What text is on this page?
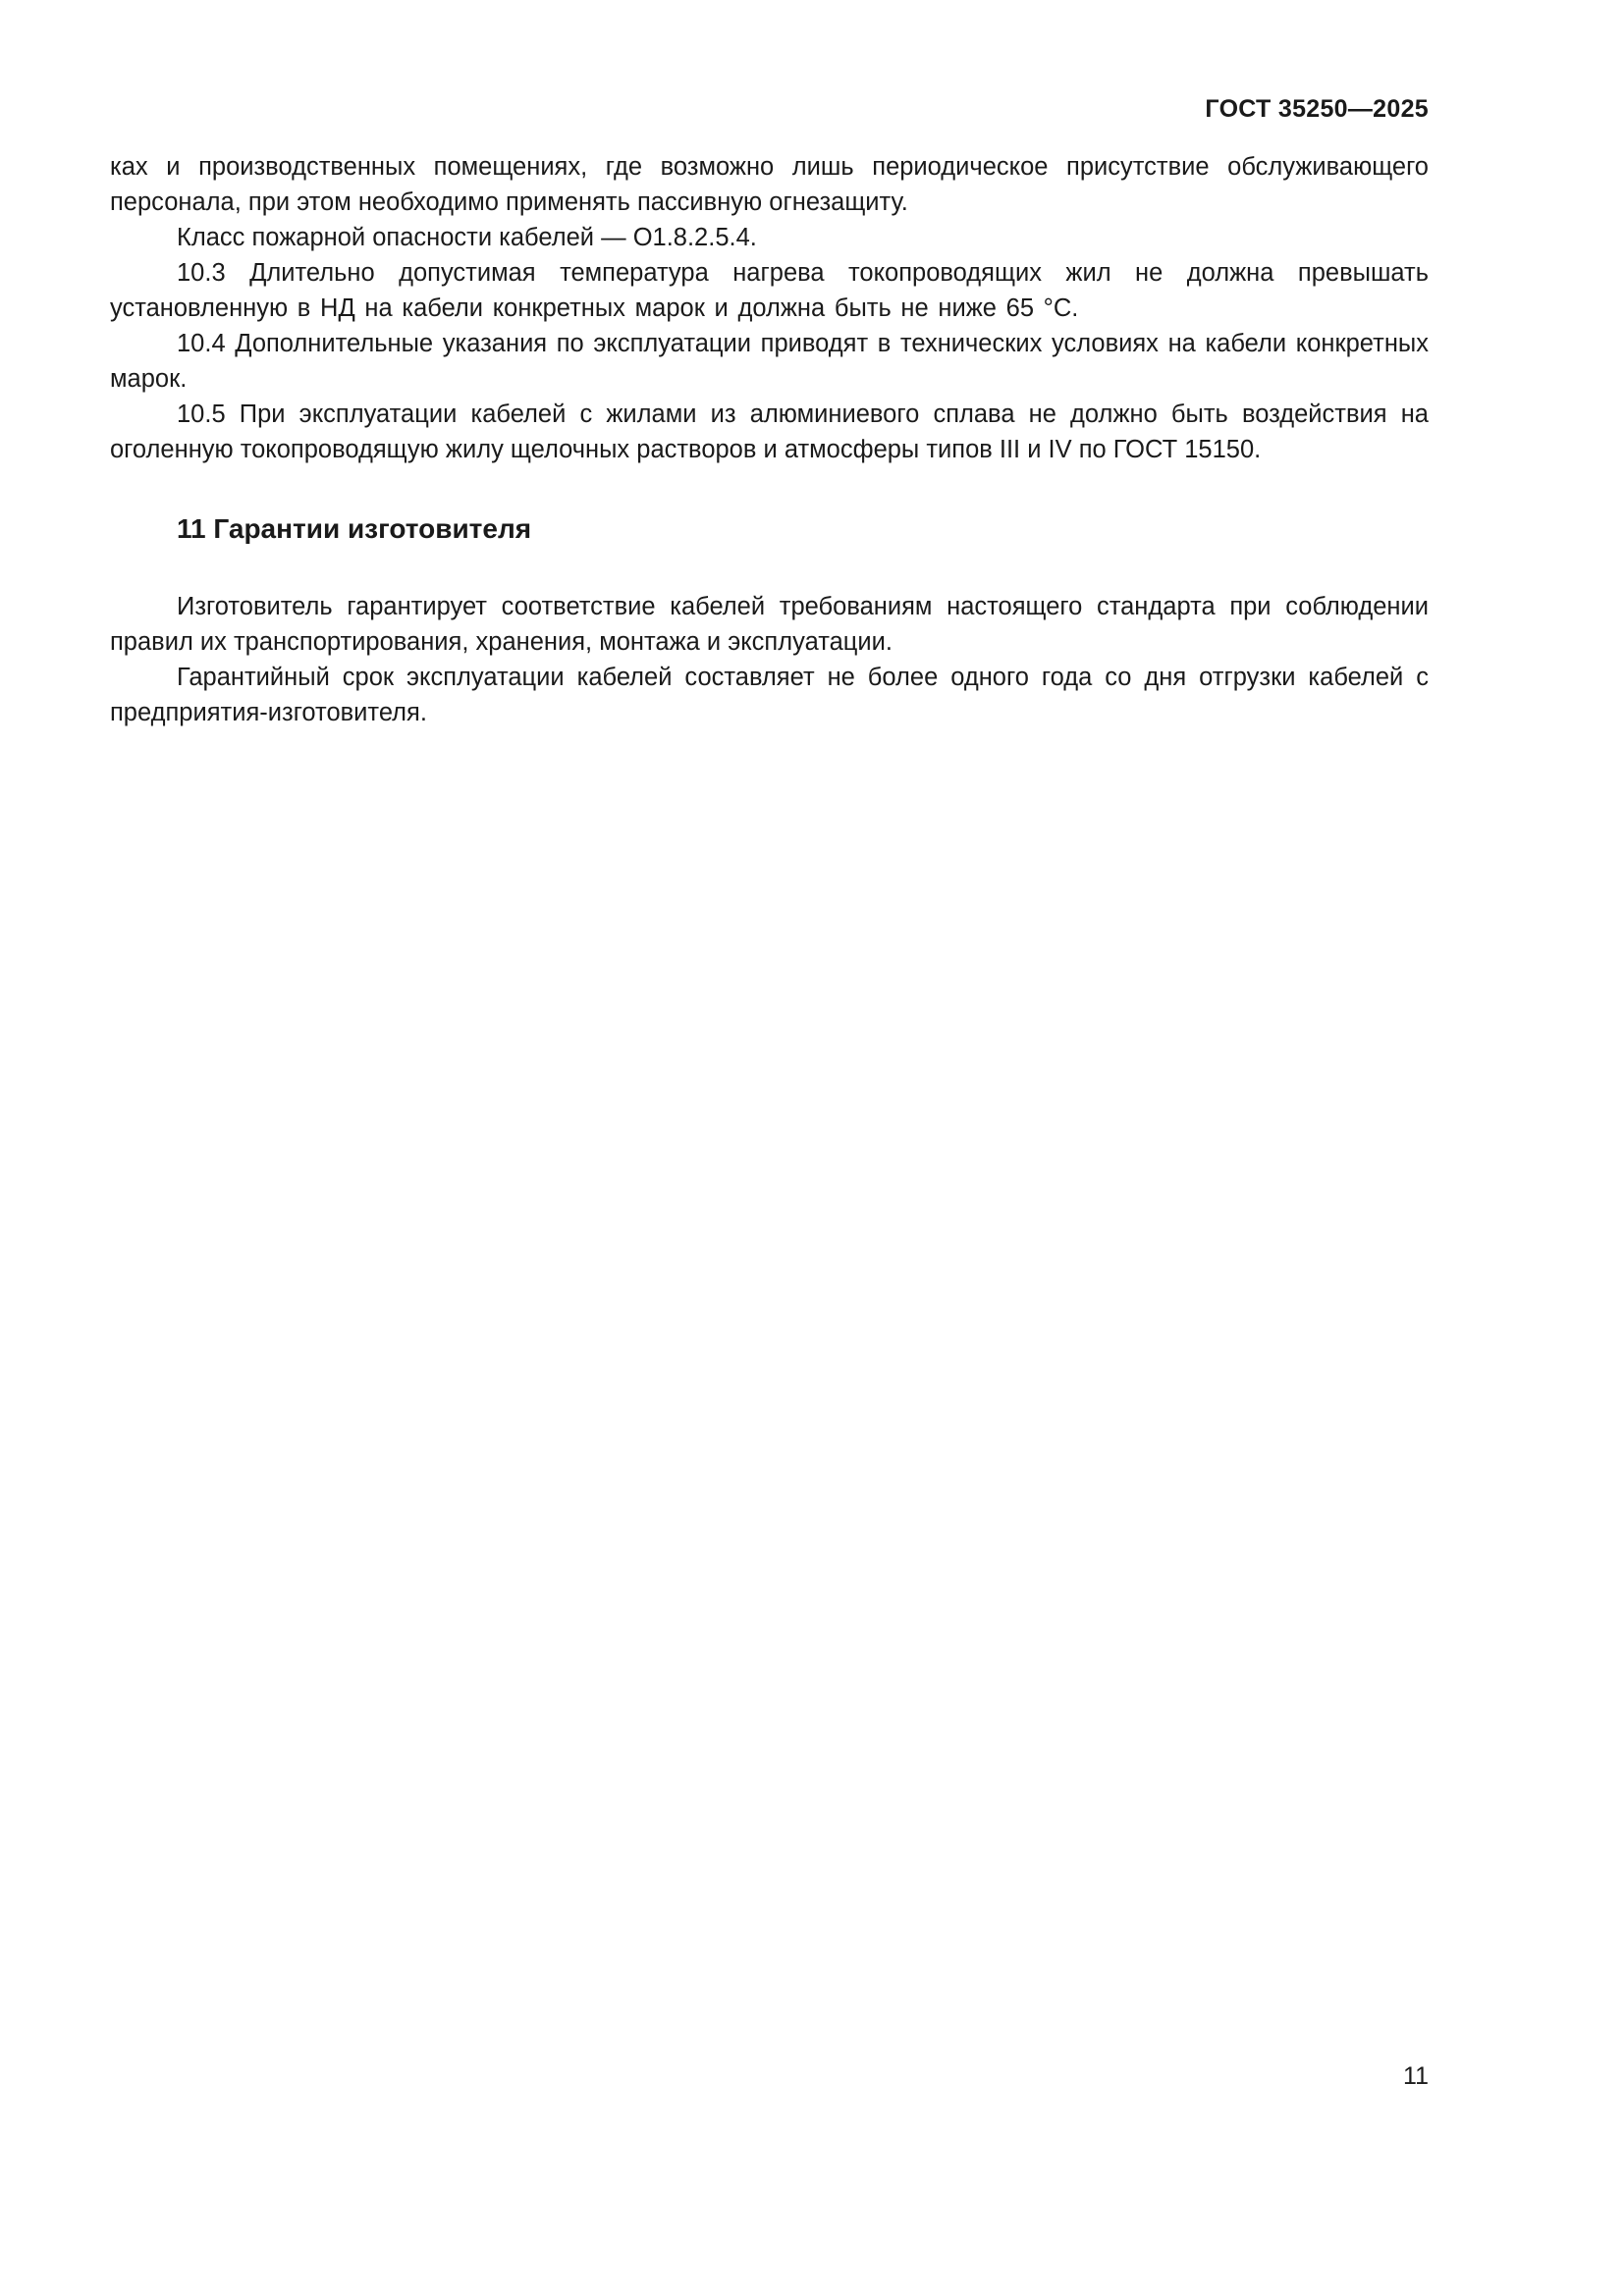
ГОСТ 35250—2025

ках и производственных помещениях, где возможно лишь периодическое присутствие обслуживающего персонала, при этом необходимо применять пассивную огнезащиту.

Класс пожарной опасности кабелей — О1.8.2.5.4.

10.3 Длительно допустимая температура нагрева токопроводящих жил не должна превышать установленную в НД на кабели конкретных марок и должна быть не ниже 65 °C.

10.4 Дополнительные указания по эксплуатации приводят в технических условиях на кабели конкретных марок.

10.5 При эксплуатации кабелей с жилами из алюминиевого сплава не должно быть воздействия на оголенную токопроводящую жилу щелочных растворов и атмосферы типов III и IV по ГОСТ 15150.

11 Гарантии изготовителя

Изготовитель гарантирует соответствие кабелей требованиям настоящего стандарта при соблюдении правил их транспортирования, хранения, монтажа и эксплуатации.

Гарантийный срок эксплуатации кабелей составляет не более одного года со дня отгрузки кабелей с предприятия-изготовителя.

11
